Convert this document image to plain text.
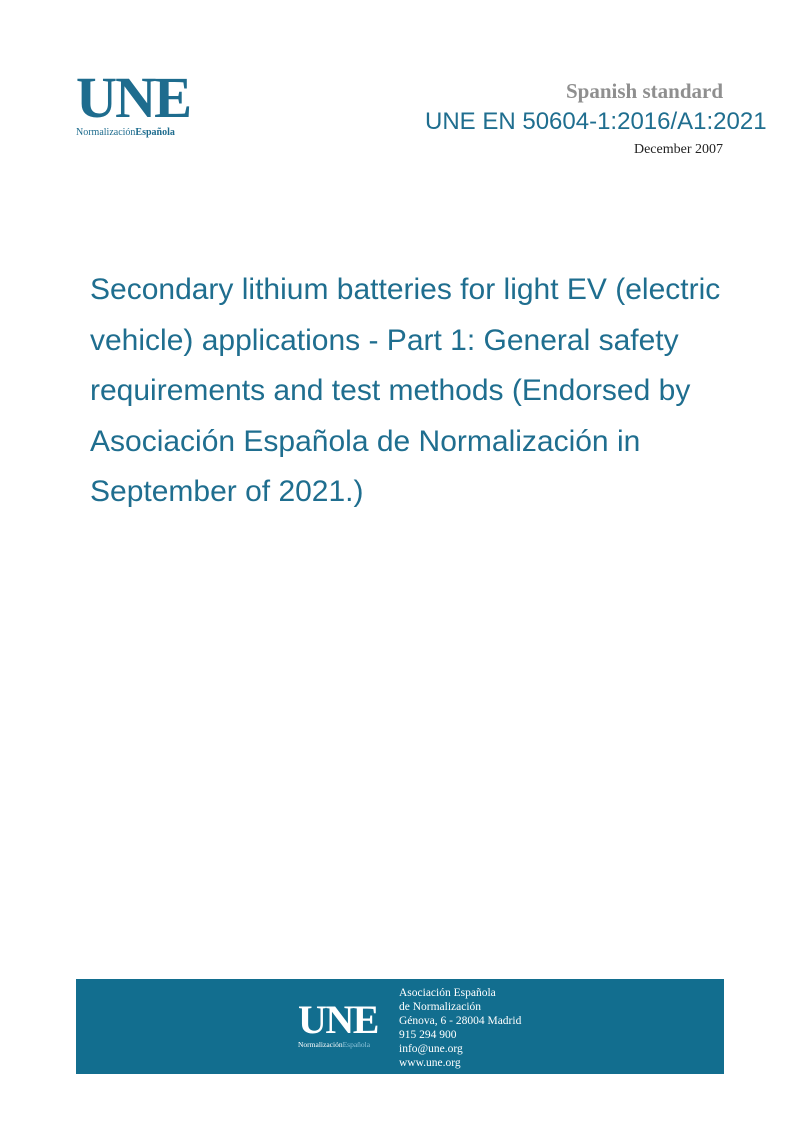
UNE
NormalizaciónEspañola
Spanish standard
UNE EN 50604-1:2016/A1:2021
December 2007
Secondary lithium batteries for light EV (electric vehicle) applications - Part 1: General safety requirements and test methods (Endorsed by Asociación Española de Normalización in September of 2021.)
UNE
NormalizaciónEspañola
Asociación Española
de Normalización
Génova, 6 - 28004 Madrid
915 294 900
info@une.org
www.une.org
